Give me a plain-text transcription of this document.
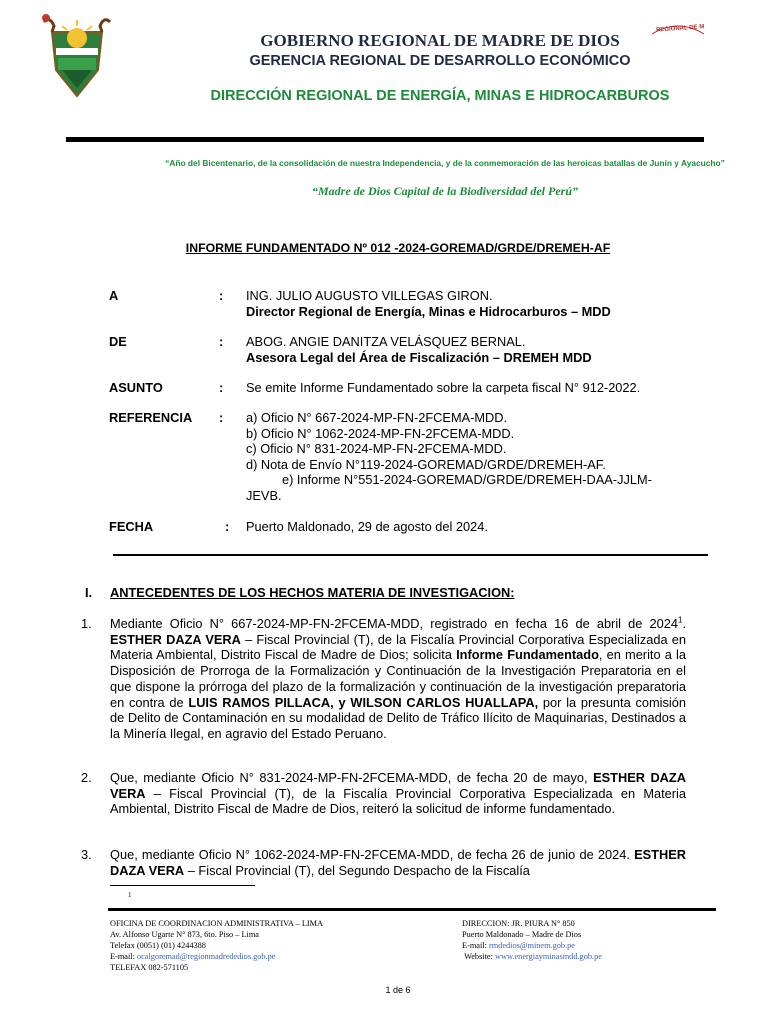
REGIONAL DE M
GOBIERNO REGIONAL DE MADRE DE DIOS
GERENCIA REGIONAL DE DESARROLLO ECONÓMICO
DIRECCIÓN REGIONAL DE ENERGÍA, MINAS E HIDROCARBUROS
“Año del Bicentenario, de la consolidación de nuestra Independencia, y de la conmemoración de las heroicas batallas de Junín y Ayacucho”
“Madre de Dios Capital de la Biodiversidad del Perú”
INFORME FUNDAMENTADO Nº 012 -2024-GOREMAD/GRDE/DREMEH-AF
A	: ING. JULIO AUGUSTO VILLEGAS GIRON.
Director Regional de Energía, Minas e Hidrocarburos – MDD
DE	: ABOG. ANGIE DANITZA VELÁSQUEZ BERNAL.
Asesora Legal del Área de Fiscalización – DREMEH MDD
ASUNTO	: Se emite Informe Fundamentado sobre la carpeta fiscal N° 912-2022.
REFERENCIA : a) Oficio N° 667-2024-MP-FN-2FCEMA-MDD.
b) Oficio N° 1062-2024-MP-FN-2FCEMA-MDD.
c) Oficio N° 831-2024-MP-FN-2FCEMA-MDD.
d) Nota de Envío N°119-2024-GOREMAD/GRDE/DREMEH-AF.
e) Informe N°551-2024-GOREMAD/GRDE/DREMEH-DAA-JJLM-
JEVB.
FECHA	: Puerto Maldonado, 29 de agosto del 2024.
I. ANTECEDENTES DE LOS HECHOS MATERIA DE INVESTIGACION:
1. Mediante Oficio N° 667-2024-MP-FN-2FCEMA-MDD, registrado en fecha 16 de abril de 2024$^1$. ESTHER DAZA VERA – Fiscal Provincial (T), de la Fiscalía Provincial Corporativa Especializada en Materia Ambiental, Distrito Fiscal de Madre de Dios; solicita Informe Fundamentado, en merito a la Disposición de Prorroga de la Formalización y Continuación de la Investigación Preparatoria en el que dispone la prórroga del plazo de la formalización y continuación de la investigación preparatoria en contra de LUIS RAMOS PILLACA, y WILSON CARLOS HUALLAPA, por la presunta comisión de Delito de Contaminación en su modalidad de Delito de Tráfico Ilícito de Maquinarias, Destinados a la Minería Ilegal, en agravio del Estado Peruano.
2. Que, mediante Oficio N° 831-2024-MP-FN-2FCEMA-MDD, de fecha 20 de mayo, ESTHER DAZA VERA – Fiscal Provincial (T), de la Fiscalía Provincial Corporativa Especializada en Materia Ambiental, Distrito Fiscal de Madre de Dios, reiteró la solicitud de informe fundamentado.
3. Que, mediante Oficio N° 1062-2024-MP-FN-2FCEMA-MDD, de fecha 26 de junio de 2024. ESTHER DAZA VERA – Fiscal Provincial (T), del Segundo Despacho de la Fiscalía
1
OFICINA DE COORDINACION ADMINISTRATIVA – LIMA
Av. Alfonso Ugarte N° 873, 6to. Piso – Lima
Telefax (0051) (01) 4244388
E-mail: ocalgoremad@regionmadrededios.gob.pe
TELEFAX 082-571105
DIRECCION: JR. PIURA N° 850
Puerto Maldonado – Madre de Dios
E-mail: rmdedios@minem.gob.pe
Website: www.energiayminasmdd.gob.pe
1 de 6
